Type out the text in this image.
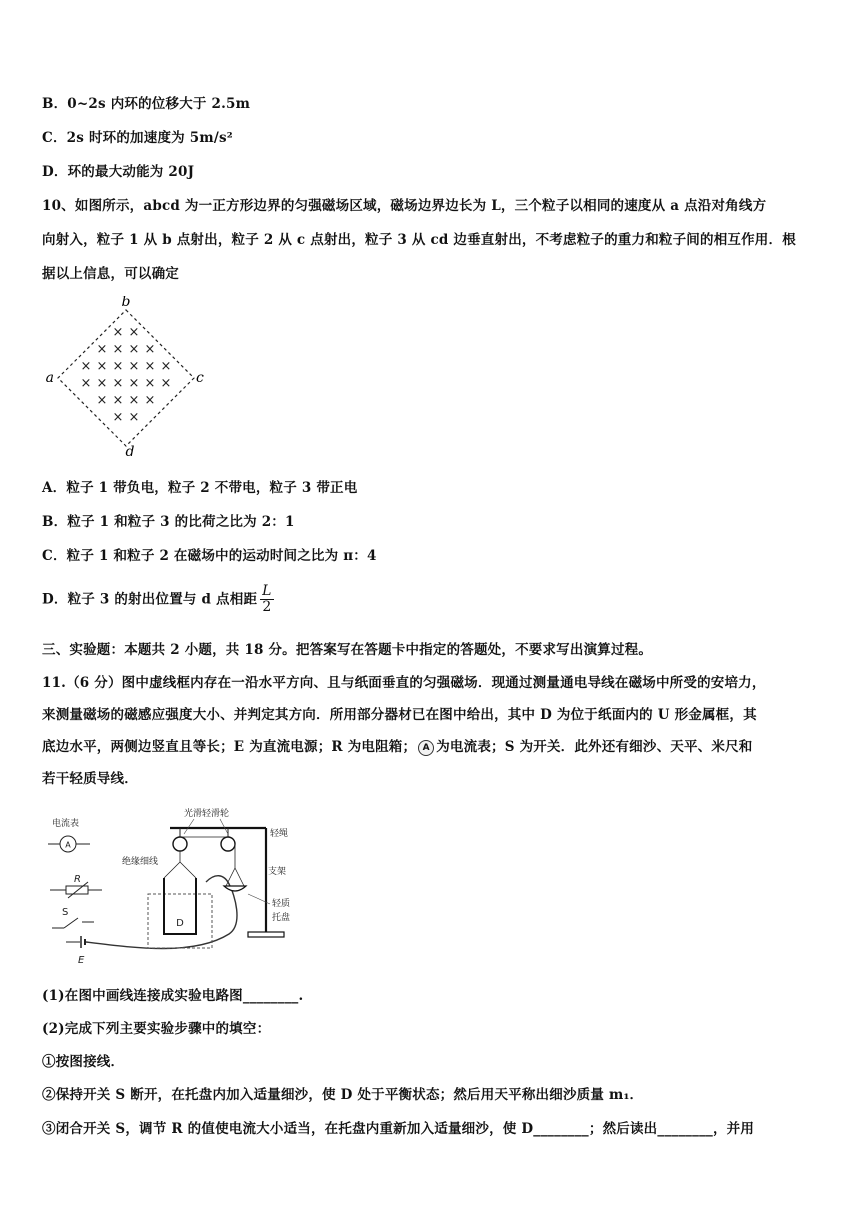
B．0~2s 内环的位移大于 2.5m
C．2s 时环的加速度为 5m/s²
D．环的最大动能为 20J
10、如图所示，abcd 为一正方形边界的匀强磁场区域，磁场边界边长为 L，三个粒子以相同的速度从 a 点沿对角线方
向射入，粒子 1 从 b 点射出，粒子 2 从 c 点射出，粒子 3 从 cd 边垂直射出，不考虑粒子的重力和粒子间的相互作用．根
据以上信息，可以确定
b
a	c
d
× ×
× × × ×
× × × × × ×
× × × × × ×
× × × ×
× ×
A．粒子 1 带负电，粒子 2 不带电，粒子 3 带正电
B．粒子 1 和粒子 3 的比荷之比为 2：1
C．粒子 1 和粒子 2 在磁场中的运动时间之比为 π：4
D．粒子 3 的射出位置与 d 点相距 $\frac{L}{2}$
三、实验题：本题共 2 小题，共 18 分。把答案写在答题卡中指定的答题处，不要求写出演算过程。
11.（6 分）图中虚线框内存在一沿水平方向、且与纸面垂直的匀强磁场．现通过测量通电导线在磁场中所受的安培力，
来测量磁场的磁感应强度大小、并判定其方向．所用部分器材已在图中给出，其中 D 为位于纸面内的 U 形金属框，其
底边水平，两侧边竖直且等长；E 为直流电源；R 为电阻箱； A 为电流表；S 为开关．此外还有细沙、天平、米尺和
若干轻质导线．
电流表
A
R
S
E
D
光滑轻滑轮
绝缘细线
轻绳
支架
轻质
托盘
(1)在图中画线连接成实验电路图________.
(2)完成下列主要实验步骤中的填空：
①按图接线．
②保持开关 S 断开，在托盘内加入适量细沙，使 D 处于平衡状态；然后用天平称出细沙质量 m₁．
③闭合开关 S，调节 R 的值使电流大小适当，在托盘内重新加入适量细沙，使 D________；然后读出________，并用
